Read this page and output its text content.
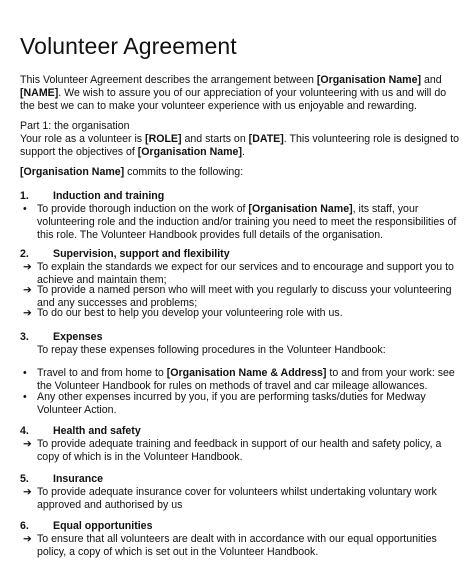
Volunteer Agreement
This Volunteer Agreement describes the arrangement between [Organisation Name] and [NAME]. We wish to assure you of our appreciation of your volunteering with us and will do the best we can to make your volunteer experience with us enjoyable and rewarding.
Part 1: the organisation
Your role as a volunteer is [ROLE] and starts on [DATE]. This volunteering role is designed to support the objectives of [Organisation Name].
[Organisation Name] commits to the following:
1. Induction and training
• To provide thorough induction on the work of [Organisation Name], its staff, your volunteering role and the induction and/or training you need to meet the responsibilities of this role. The Volunteer Handbook provides full details of the organisation.
2. Supervision, support and flexibility
➔ To explain the standards we expect for our services and to encourage and support you to achieve and maintain them;
➔ To provide a named person who will meet with you regularly to discuss your volunteering and any successes and problems;
➔ To do our best to help you develop your volunteering role with us.
3. Expenses
To repay these expenses following procedures in the Volunteer Handbook:
• Travel to and from home to [Organisation Name & Address] to and from your work: see the Volunteer Handbook for rules on methods of travel and car mileage allowances.
• Any other expenses incurred by you, if you are performing tasks/duties for Medway Volunteer Action.
4. Health and safety
➔ To provide adequate training and feedback in support of our health and safety policy, a copy of which is in the Volunteer Handbook.
5. Insurance
➔ To provide adequate insurance cover for volunteers whilst undertaking voluntary work approved and authorised by us
6. Equal opportunities
➔ To ensure that all volunteers are dealt with in accordance with our equal opportunities policy, a copy of which is set out in the Volunteer Handbook.
